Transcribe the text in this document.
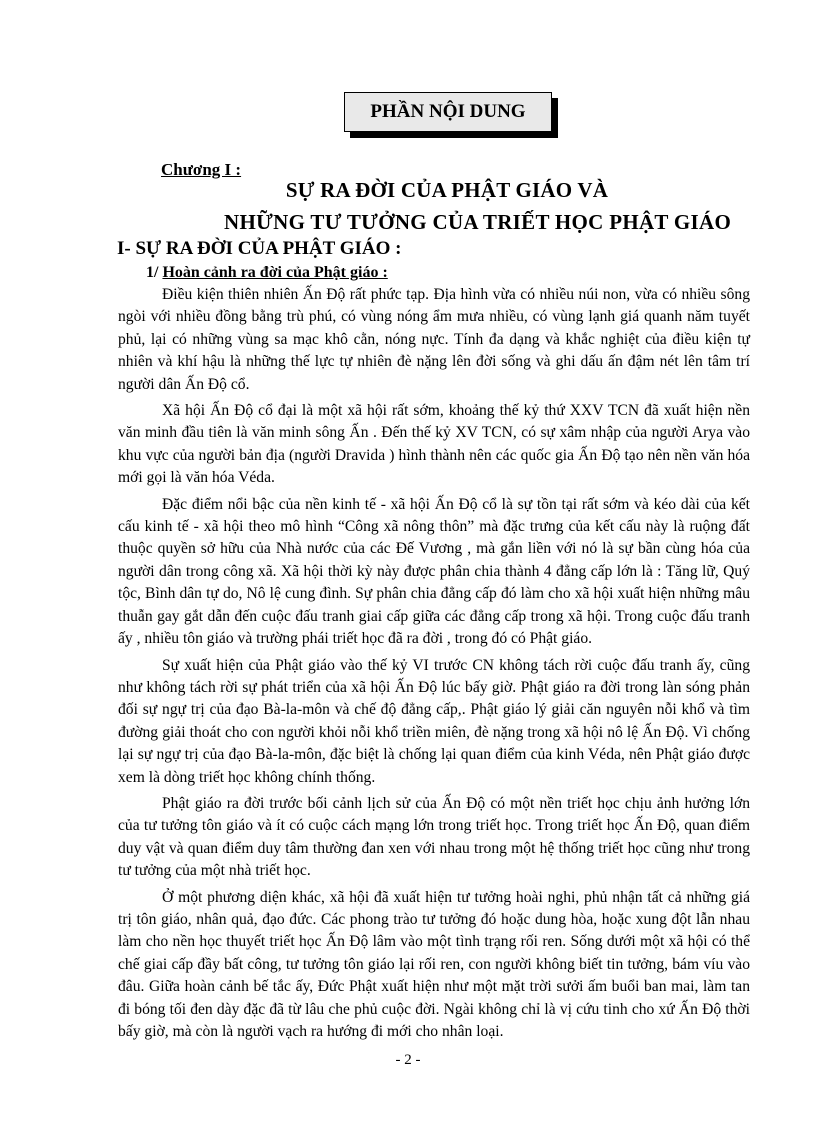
PHẦN NỘI DUNG
Chương I :
SỰ RA ĐỜI CỦA PHẬT GIÁO VÀ
NHỮNG TƯ TƯỞNG CỦA TRIẾT HỌC PHẬT GIÁO
I- SỰ RA ĐỜI CỦA PHẬT GIÁO :
1/ Hoàn cảnh ra đời của Phật giáo :

Điều kiện thiên nhiên Ấn Độ rất phức tạp. Địa hình vừa có nhiều núi non, vừa có nhiều sông ngòi với nhiều đồng bằng trù phú, có vùng nóng ẩm mưa nhiều, có vùng lạnh giá quanh năm tuyết phủ, lại có những vùng sa mạc khô cằn, nóng nực. Tính đa dạng và khắc nghiệt của điều kiện tự nhiên và khí hậu là những thế lực tự nhiên đè nặng lên đời sống và ghi dấu ấn đậm nét lên tâm trí người dân Ấn Độ cổ.

Xã hội Ấn Độ cổ đại là một xã hội rất sớm, khoảng thế kỷ thứ XXV TCN đã xuất hiện nền văn minh đầu tiên là văn minh sông Ấn . Đến thế kỷ XV TCN, có sự xâm nhập của người Arya vào khu vực của người bản địa (người Dravida ) hình thành nên các quốc gia Ấn Độ tạo nên nền văn hóa mới gọi là văn hóa Véda.

Đặc điểm nổi bậc của nền kinh tế - xã hội Ấn Độ cổ là sự tồn tại rất sớm và kéo dài của kết cấu kinh tế - xã hội theo mô hình “Công xã nông thôn” mà đặc trưng của kết cấu này là ruộng đất thuộc quyền sở hữu của Nhà nước của các Đế Vương , mà gắn liền với nó là sự bần cùng hóa của người dân trong công xã. Xã hội thời kỳ này được phân chia thành 4 đẳng cấp lớn là : Tăng lữ, Quý tộc, Bình dân tự do, Nô lệ cung đình. Sự phân chia đẳng cấp đó làm cho xã hội xuất hiện những mâu thuẫn gay gắt dẫn đến cuộc đấu tranh giai cấp giữa các đẳng cấp trong xã hội. Trong cuộc đấu tranh ấy , nhiều tôn giáo và trường phái triết học đã ra đời , trong đó có Phật giáo.

Sự xuất hiện của Phật giáo vào thế kỷ VI trước CN không tách rời cuộc đấu tranh ấy, cũng như không tách rời sự phát triển của xã hội Ấn Độ lúc bấy giờ. Phật giáo ra đời trong làn sóng phản đối sự ngự trị của đạo Bà-la-môn và chế độ đẳng cấp,. Phật giáo lý giải căn nguyên nỗi khổ và tìm đường giải thoát cho con người khỏi nỗi khổ triền miên, đè nặng trong xã hội nô lệ Ấn Độ. Vì chống lại sự ngự trị của đạo Bà-la-môn, đặc biệt là chống lại quan điểm của kinh Véda, nên Phật giáo được xem là dòng triết học không chính thống.

Phật giáo ra đời trước bối cảnh lịch sử của Ấn Độ có một nền triết học chịu ảnh hưởng lớn của tư tưởng tôn giáo và ít có cuộc cách mạng lớn trong triết học. Trong triết học Ấn Độ, quan điểm duy vật và quan điểm duy tâm thường đan xen với nhau trong một hệ thống triết học cũng như trong tư tưởng của một nhà triết học.

Ở một phương diện khác, xã hội đã xuất hiện tư tưởng hoài nghi, phủ nhận tất cả những giá trị tôn giáo, nhân quả, đạo đức. Các phong trào tư tưởng đó hoặc dung hòa, hoặc xung đột lẫn nhau làm cho nền học thuyết triết học Ấn Độ lâm vào một tình trạng rối ren. Sống dưới một xã hội có thể chế giai cấp đầy bất công, tư tưởng tôn giáo lại rối ren, con người không biết tin tưởng, bám víu vào đâu. Giữa hoàn cảnh bế tắc ấy, Đức Phật xuất hiện như một mặt trời sưởi ấm buổi ban mai, làm tan đi bóng tối đen dày đặc đã từ lâu che phủ cuộc đời. Ngài không chỉ là vị cứu tinh cho xứ Ấn Độ thời bấy giờ, mà còn là người vạch ra hướng đi mới cho nhân loại.

- 2 -
